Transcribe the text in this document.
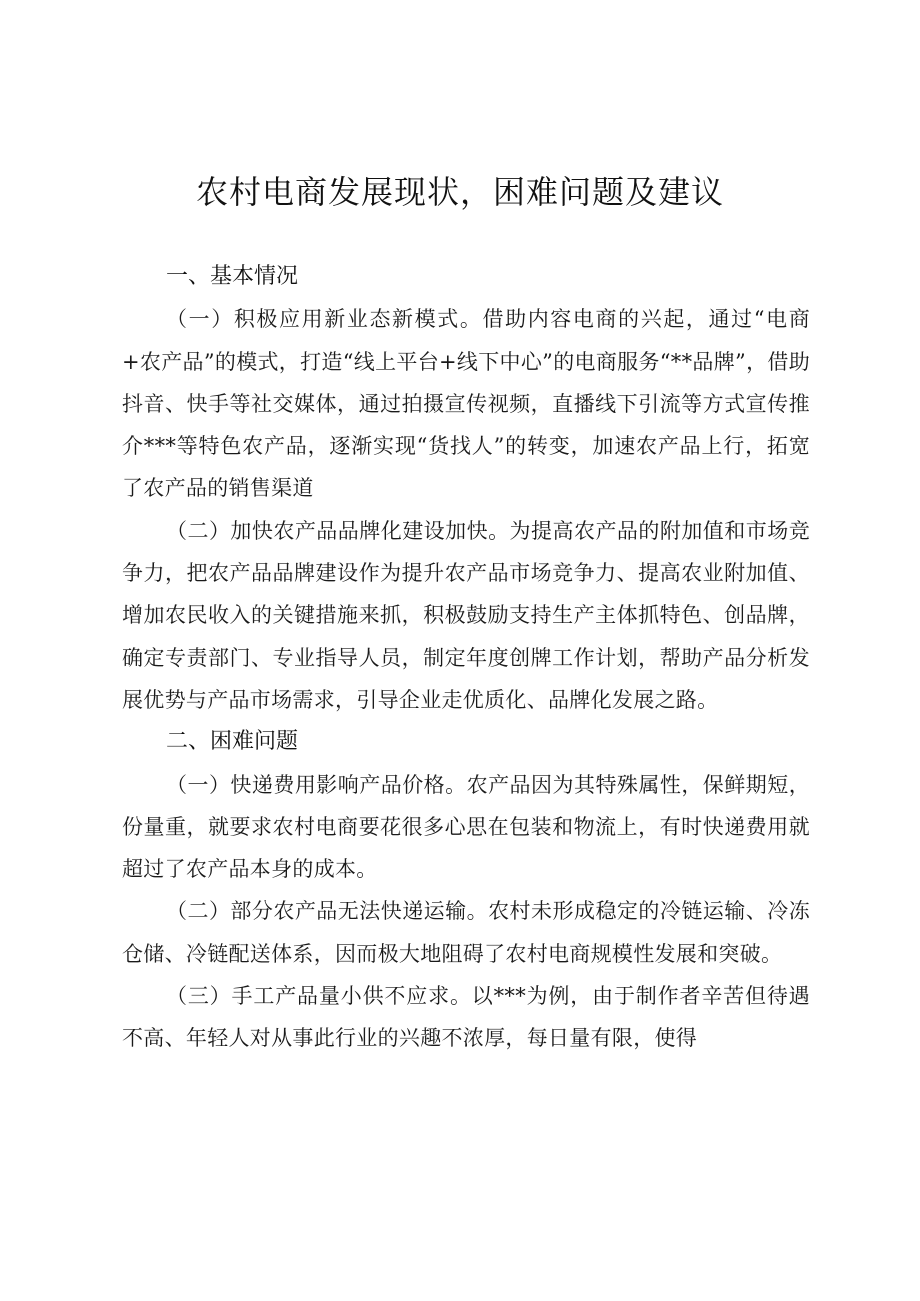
农村电商发展现状，困难问题及建议
一、基本情况

（一）积极应用新业态新模式。借助内容电商的兴起，通过“电商+农产品”的模式，打造“线上平台+线下中心”的电商服务“**品牌”，借助抖音、快手等社交媒体，通过拍摄宣传视频，直播线下引流等方式宣传推介***等特色农产品，逐渐实现“货找人”的转变，加速农产品上行，拓宽了农产品的销售渠道

（二）加快农产品品牌化建设加快。为提高农产品的附加值和市场竞争力，把农产品品牌建设作为提升农产品市场竞争力、提高农业附加值、增加农民收入的关键措施来抓，积极鼓励支持生产主体抓特色、创品牌，确定专责部门、专业指导人员，制定年度创牌工作计划，帮助产品分析发展优势与产品市场需求，引导企业走优质化、品牌化发展之路。

二、困难问题

（一）快递费用影响产品价格。农产品因为其特殊属性，保鲜期短，份量重，就要求农村电商要花很多心思在包装和物流上，有时快递费用就超过了农产品本身的成本。

（二）部分农产品无法快递运输。农村未形成稳定的冷链运输、冷冻仓储、冷链配送体系，因而极大地阻碍了农村电商规模性发展和突破。

（三）手工产品量小供不应求。以***为例，由于制作者辛苦但待遇不高、年轻人对从事此行业的兴趣不浓厚，每日量有限，使得
